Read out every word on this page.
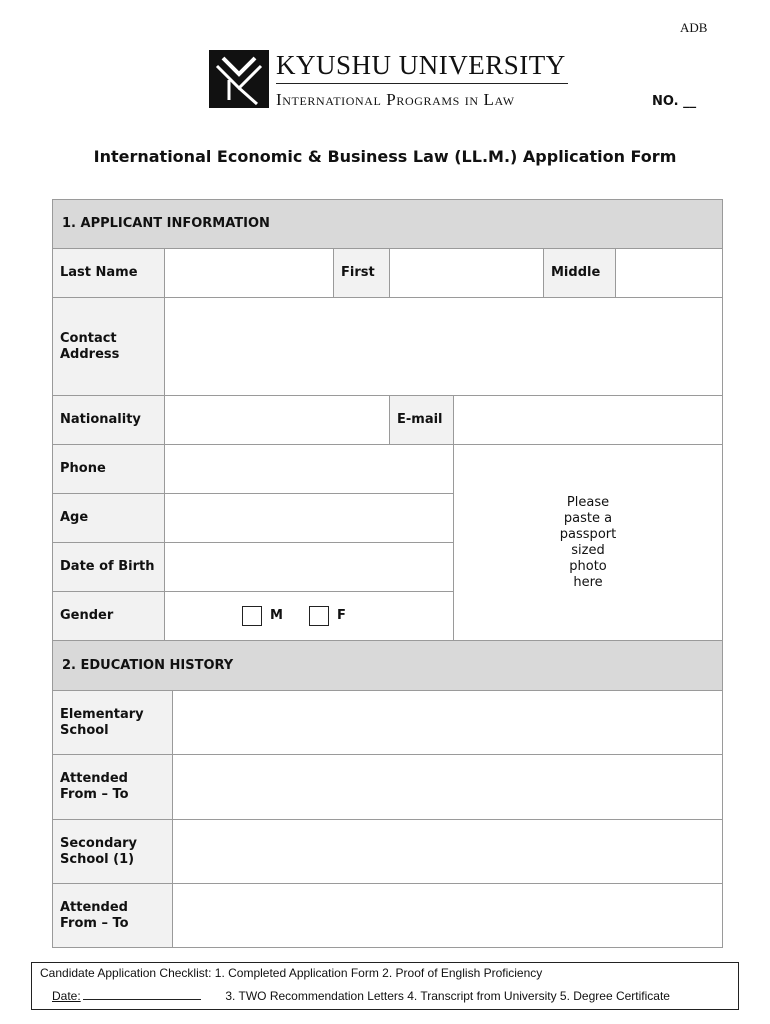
ADB
KYUSHU UNIVERSITY
International Programs in Law	NO. __
International Economic & Business Law (LL.M.) Application Form
1. APPLICANT INFORMATION						
Last Name		First			Middle	
Contact Address						
Nationality			E-mail			
Phone				Please paste a passport sized photo here		

Age						
Date of Birth						
Gender	M F					
2. EDUCATION HISTORY	
Elementary School	
Attended From – To	
Secondary School (1)	
Attended From – To	
Candidate Application Checklist: 1. Completed Application Form 2. Proof of English Proficiency
Date:	3. TWO Recommendation Letters 4. Transcript from University 5. Degree Certificate
